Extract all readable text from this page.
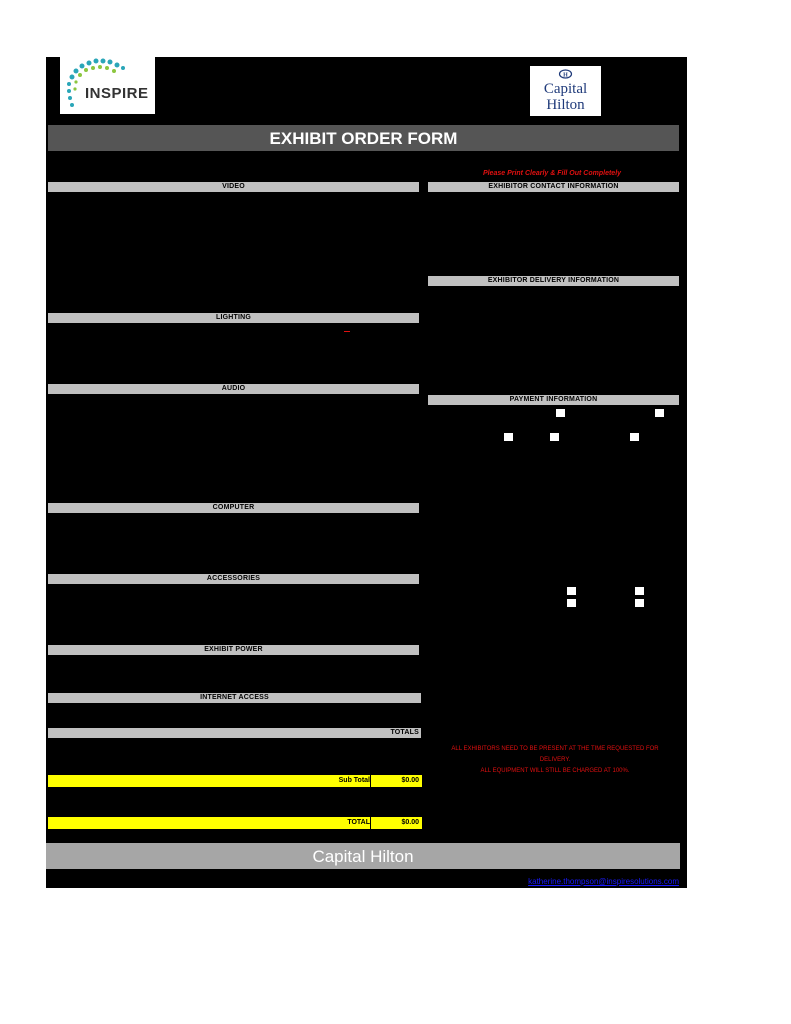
INSPIRE
H
Capital
Hilton
EXHIBIT ORDER FORM
Please Print Clearly & Fill Out Completely
VIDEO
LIGHTING
AUDIO
COMPUTER
ACCESSORIES
EXHIBIT POWER
INTERNET ACCESS
TOTALS
EXHIBITOR CONTACT INFORMATION
EXHIBITOR DELIVERY INFORMATION
PAYMENT INFORMATION
ALL EXHIBITORS NEED TO BE PRESENT AT THE TIME REQUESTED FOR
DELIVERY.
ALL EQUIPMENT WILL STILL BE CHARGED AT 100%.
Sub Total	$0.00
TOTAL	$0.00
Capital Hilton
katherine.thompson@inspiresolutions.com
